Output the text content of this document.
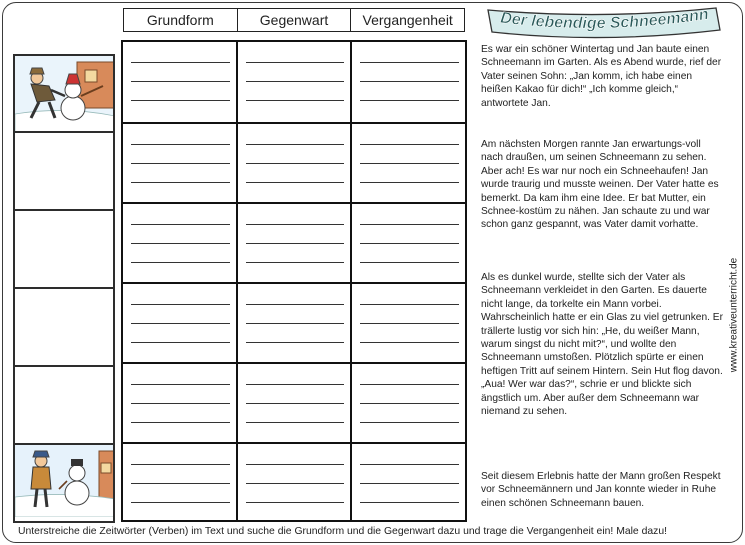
Der lebendige Schneemann
Grundform	Gegenwart	Vergangenheit

Es war ein schöner Wintertag und Jan baute einen Schneemann im Garten. Als es Abend wurde, rief der Vater seinen Sohn: „Jan komm, ich habe einen heißen Kakao für dich!“ „Ich komme gleich,“ antwortete Jan.

Am nächsten Morgen rannte Jan erwartungs-voll nach draußen, um seinen Schneemann zu sehen. Aber ach! Es war nur noch ein Schneehaufen! Jan wurde traurig und musste weinen. Der Vater hatte es bemerkt. Da kam ihm eine Idee. Er bat Mutter, ein Schnee-kostüm zu nähen. Jan schaute zu und war schon ganz gespannt, was Vater damit vorhatte.

Als es dunkel wurde, stellte sich der Vater als Schneemann verkleidet in den Garten. Es dauerte nicht lange, da torkelte ein Mann vorbei. Wahrscheinlich hatte er ein Glas zu viel getrunken. Er trällerte lustig vor sich hin: „He, du weißer Mann, warum singst du nicht mit?“, und wollte den Schneemann umstoßen. Plötzlich spürte er einen heftigen Tritt auf seinem Hintern. Sein Hut flog davon. „Aua! Wer war das?“, schrie er und blickte sich ängstlich um. Aber außer dem Schneemann war niemand zu sehen.

Seit diesem Erlebnis hatte der Mann großen Respekt vor Schneemännern und Jan konnte wieder in Ruhe einen schönen Schneemann bauen.

www.kreativeunterricht.de
Unterstreiche die Zeitwörter (Verben) im Text und suche die Grundform und die Gegenwart dazu und trage die Vergangenheit ein! Male dazu!
